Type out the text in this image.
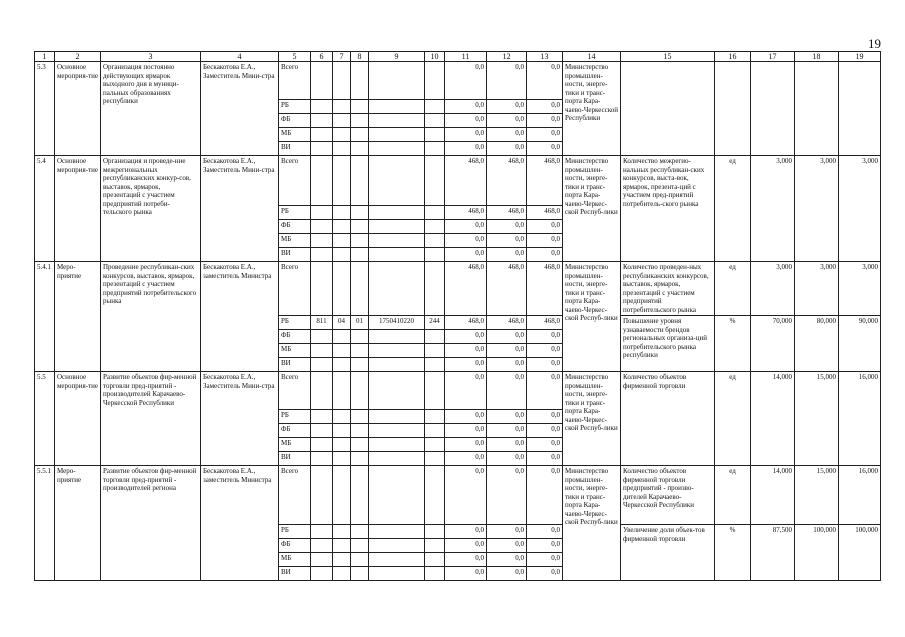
19
1	2	3	4	5	6	7	8	9	10	11	12	13	14	15	16	17	18	19
5.3	Основное мероприя-тие	Организация постоянно действующих ярмарок выходного дня в муници-пальных образованиях республики	Бескакотова Е.А., Заместитель Мини-стра	Всего						0,0	0,0	0,0	Министерство промышлен-ности, энерге-тики и транс-порта Кара-чаево-Черкесской Республики					
				РБ						0,0	0,0	0,0						
				ФБ						0,0	0,0	0,0						
				МБ						0,0	0,0	0,0						
				ВИ						0,0	0,0	0,0						
5.4	Основное мероприя-тие	Организация и проведе-ние межрегиональных республиканских конкур-сов, выставок, ярмарок, презентаций с участием предприятий потреби-тельского рынка	Бескакотова Е.А., Заместитель Мини-стра	Всего						468,0	468,0	468,0	Министерство промышлен-ности, энерге-тики и транс-порта Кара-чаево-Черкес-ской Респуб-лики	Количество межрегио-нальных республикан-ских конкурсов, выста-вок, ярмарок, презента-ций с участием пред-приятий потребитель-ского рынка	ед	3,000	3,000	3,000
				РБ						468,0	468,0	468,0						
				ФБ						0,0	0,0	0,0						
				МБ						0,0	0,0	0,0						
				ВИ						0,0	0,0	0,0						
5.4.1	Меро-приятие	Проведение республикан-ских конкурсов, выставок, ярмарок, презентаций с участием предприятий потребительского рынка	Бескакотова Е.А., заместитель Министра	Всего						468,0	468,0	468,0	Министерство промышлен-ности, энерге-тики и транс-порта Кара-чаево-Черкес-ской Респуб-лики	Количество проведен-ных республиканских конкурсов, выставок, ярмарок, презентаций с участием предприятий потребительского рынка	ед	3,000	3,000	3,000
				РБ	811	04	01	1750410220	244	468,0	468,0	468,0		Повышение уровня узнаваемости брендов региональных организа-ций потребительского рынка республики	%	70,000	80,000	90,000
				ФБ						0,0	0,0	0,0						
				МБ						0,0	0,0	0,0						
				ВИ						0,0	0,0	0,0						
5.5	Основное мероприя-тие	Развитие объектов фир-менной торговли пред-приятий - производителей Карачаево-Черкесской Республики	Бескакотова Е.А., Заместитель Мини-стра	Всего						0,0	0,0	0,0	Министерство промышлен-ности, энерге-тики и транс-порта Кара-чаево-Черкес-ской Респуб-лики	Количество объектов фирменной торговли	ед	14,000	15,000	16,000
				РБ						0,0	0,0	0,0						
				ФБ						0,0	0,0	0,0						
				МБ						0,0	0,0	0,0						
				ВИ						0,0	0,0	0,0						
5.5.1	Меро-приятие	Развитие объектов фир-менной торговли пред-приятий - производителей региона	Бескакотова Е.А., заместитель Министра	Всего						0,0	0,0	0,0	Министерство промышлен-ности, энерге-тики и транс-порта Кара-чаево-Черкес-ской Респуб-лики	Количество объектов фирменной торговли предприятий - произво-дителей Карачаево-Черкесской Республики	ед	14,000	15,000	16,000
				РБ						0,0	0,0	0,0		Увеличение доли объек-тов фирменной торговли	%	87,500	100,000	100,000
				ФБ						0,0	0,0	0,0						
				МБ						0,0	0,0	0,0						
				ВИ						0,0	0,0	0,0						
